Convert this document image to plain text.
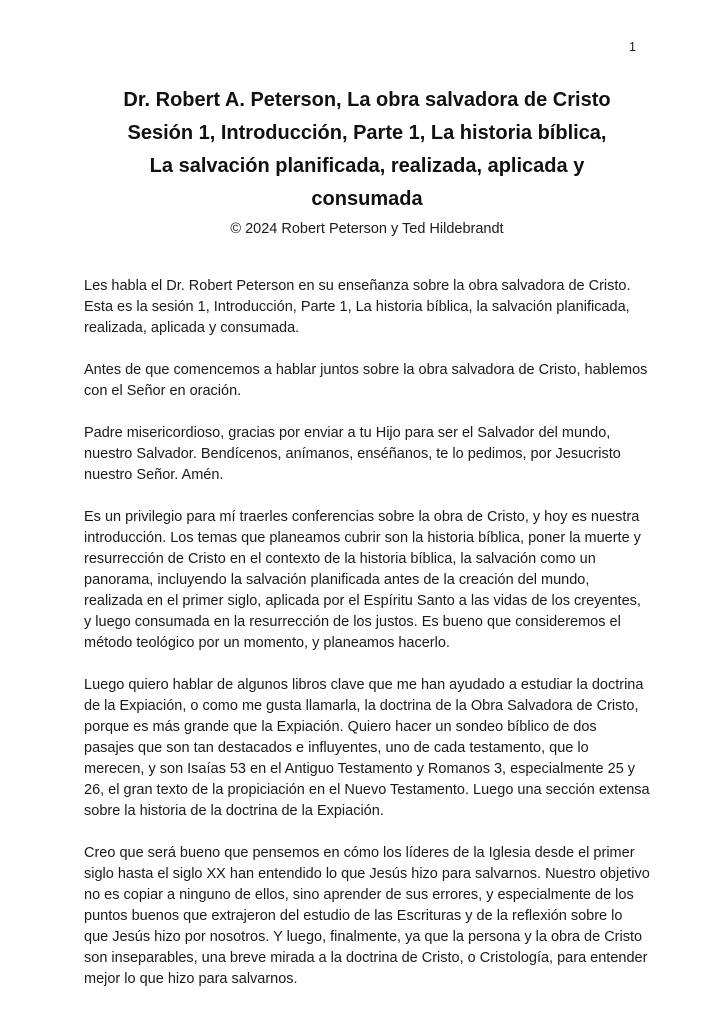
1
Dr. Robert A. Peterson, La obra salvadora de Cristo
Sesión 1, Introducción, Parte 1, La historia bíblica,
La salvación planificada, realizada, aplicada y
consumada
© 2024 Robert Peterson y Ted Hildebrandt

Les habla el Dr. Robert Peterson en su enseñanza sobre la obra salvadora de Cristo. Esta es la sesión 1, Introducción, Parte 1, La historia bíblica, la salvación planificada, realizada, aplicada y consumada.

Antes de que comencemos a hablar juntos sobre la obra salvadora de Cristo, hablemos con el Señor en oración.

Padre misericordioso, gracias por enviar a tu Hijo para ser el Salvador del mundo, nuestro Salvador. Bendícenos, anímanos, enséñanos, te lo pedimos, por Jesucristo nuestro Señor. Amén.

Es un privilegio para mí traerles conferencias sobre la obra de Cristo, y hoy es nuestra introducción. Los temas que planeamos cubrir son la historia bíblica, poner la muerte y resurrección de Cristo en el contexto de la historia bíblica, la salvación como un panorama, incluyendo la salvación planificada antes de la creación del mundo, realizada en el primer siglo, aplicada por el Espíritu Santo a las vidas de los creyentes, y luego consumada en la resurrección de los justos. Es bueno que consideremos el método teológico por un momento, y planeamos hacerlo.

Luego quiero hablar de algunos libros clave que me han ayudado a estudiar la doctrina de la Expiación, o como me gusta llamarla, la doctrina de la Obra Salvadora de Cristo, porque es más grande que la Expiación. Quiero hacer un sondeo bíblico de dos pasajes que son tan destacados e influyentes, uno de cada testamento, que lo merecen, y son Isaías 53 en el Antiguo Testamento y Romanos 3, especialmente 25 y 26, el gran texto de la propiciación en el Nuevo Testamento. Luego una sección extensa sobre la historia de la doctrina de la Expiación.

Creo que será bueno que pensemos en cómo los líderes de la Iglesia desde el primer siglo hasta el siglo XX han entendido lo que Jesús hizo para salvarnos. Nuestro objetivo no es copiar a ninguno de ellos, sino aprender de sus errores, y especialmente de los puntos buenos que extrajeron del estudio de las Escrituras y de la reflexión sobre lo que Jesús hizo por nosotros. Y luego, finalmente, ya que la persona y la obra de Cristo son inseparables, una breve mirada a la doctrina de Cristo, o Cristología, para entender mejor lo que hizo para salvarnos.
